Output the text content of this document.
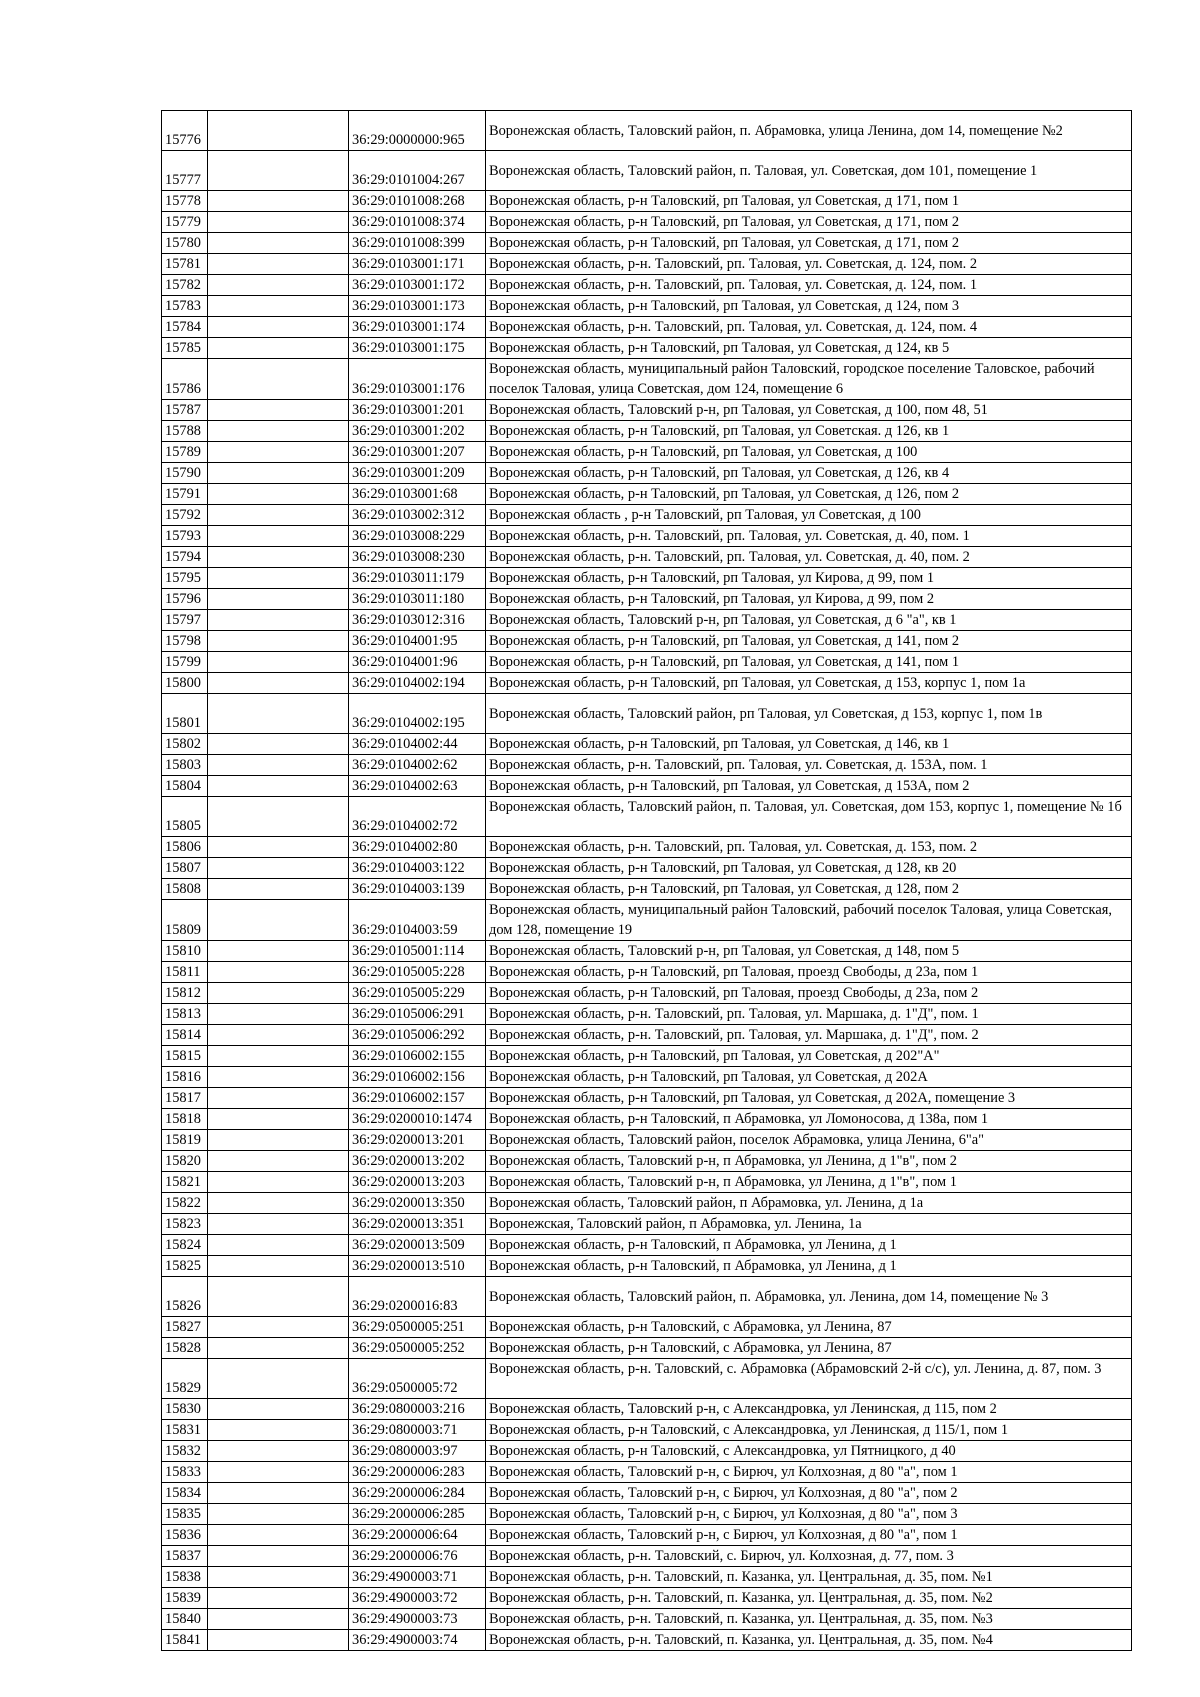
15776		36:29:0000000:965	Воронежская область, Таловский район, п. Абрамовка, улица Ленина, дом 14, помещение №2
15777		36:29:0101004:267	Воронежская область, Таловский район, п. Таловая, ул. Советская, дом 101, помещение 1
15778		36:29:0101008:268	Воронежская область, р-н Таловский, рп Таловая, ул Советская, д 171, пом 1
15779		36:29:0101008:374	Воронежская область, р-н Таловский, рп Таловая, ул Советская, д 171, пом 2
15780		36:29:0101008:399	Воронежская область, р-н Таловский, рп Таловая, ул Советская, д 171, пом 2
15781		36:29:0103001:171	Воронежская область, р-н. Таловский, рп. Таловая, ул. Советская, д. 124, пом. 2
15782		36:29:0103001:172	Воронежская область, р-н. Таловский, рп. Таловая, ул. Советская, д. 124, пом. 1
15783		36:29:0103001:173	Воронежская область, р-н Таловский, рп Таловая, ул Советская, д 124, пом 3
15784		36:29:0103001:174	Воронежская область, р-н. Таловский, рп. Таловая, ул. Советская, д. 124, пом. 4
15785		36:29:0103001:175	Воронежская область, р-н Таловский, рп Таловая, ул Советская, д 124, кв 5
15786		36:29:0103001:176	Воронежская область, муниципальный район Таловский, городское поселение Таловское, рабочий поселок Таловая, улица Советская, дом 124, помещение 6
15787		36:29:0103001:201	Воронежская область, Таловский р-н, рп Таловая, ул Советская, д 100, пом 48, 51
15788		36:29:0103001:202	Воронежская область, р-н Таловский, рп Таловая, ул Советская. д 126, кв 1
15789		36:29:0103001:207	Воронежская область, р-н Таловский, рп Таловая, ул Советская, д 100
15790		36:29:0103001:209	Воронежская область, р-н Таловский, рп Таловая, ул Советская, д 126, кв 4
15791		36:29:0103001:68	Воронежская область, р-н Таловский, рп Таловая, ул Советская, д 126, пом 2
15792		36:29:0103002:312	Воронежская область , р-н Таловский, рп Таловая, ул Советская, д 100
15793		36:29:0103008:229	Воронежская область, р-н. Таловский, рп. Таловая, ул. Советская, д. 40, пом. 1
15794		36:29:0103008:230	Воронежская область, р-н. Таловский, рп. Таловая, ул. Советская, д. 40, пом. 2
15795		36:29:0103011:179	Воронежская область, р-н Таловский, рп Таловая, ул Кирова, д 99, пом 1
15796		36:29:0103011:180	Воронежская область, р-н Таловский, рп Таловая, ул Кирова, д 99, пом 2
15797		36:29:0103012:316	Воронежская область, Таловский р-н, рп Таловая, ул Советская, д 6 "а", кв 1
15798		36:29:0104001:95	Воронежская область, р-н Таловский, рп Таловая, ул Советская, д 141, пом 2
15799		36:29:0104001:96	Воронежская область, р-н Таловский, рп Таловая, ул Советская, д 141, пом 1
15800		36:29:0104002:194	Воронежская область, р-н Таловский, рп Таловая, ул Советская, д 153, корпус 1, пом 1а
15801		36:29:0104002:195	Воронежская область, Таловский район, рп Таловая, ул Советская, д 153, корпус 1, пом 1в
15802		36:29:0104002:44	Воронежская область, р-н Таловский, рп Таловая, ул Советская, д 146, кв 1
15803		36:29:0104002:62	Воронежская область, р-н. Таловский, рп. Таловая, ул. Советская, д. 153А, пом. 1
15804		36:29:0104002:63	Воронежская область, р-н Таловский, рп Таловая, ул Советская, д 153А, пом 2
15805		36:29:0104002:72	Воронежская область, Таловский район, п. Таловая, ул. Советская, дом 153, корпус 1, помещение № 1б
15806		36:29:0104002:80	Воронежская область, р-н. Таловский, рп. Таловая, ул. Советская, д. 153, пом. 2
15807		36:29:0104003:122	Воронежская область, р-н Таловский, рп Таловая, ул Советская, д 128, кв 20
15808		36:29:0104003:139	Воронежская область, р-н Таловский, рп Таловая, ул Советская, д 128, пом 2
15809		36:29:0104003:59	Воронежская область, муниципальный район Таловский, рабочий поселок Таловая, улица Советская, дом 128, помещение 19
15810		36:29:0105001:114	Воронежская область, Таловский р-н, рп Таловая, ул Советская, д 148, пом 5
15811		36:29:0105005:228	Воронежская область, р-н Таловский, рп Таловая, проезд Свободы, д 23а, пом 1
15812		36:29:0105005:229	Воронежская область, р-н Таловский, рп Таловая, проезд Свободы, д 23а, пом 2
15813		36:29:0105006:291	Воронежская область, р-н. Таловский, рп. Таловая, ул. Маршака, д. 1"Д", пом. 1
15814		36:29:0105006:292	Воронежская область, р-н. Таловский, рп. Таловая, ул. Маршака, д. 1"Д", пом. 2
15815		36:29:0106002:155	Воронежская область, р-н Таловский, рп Таловая, ул Советская, д 202"А"
15816		36:29:0106002:156	Воронежская область, р-н Таловский, рп Таловая, ул Советская, д 202А
15817		36:29:0106002:157	Воронежская область, р-н Таловский, рп Таловая, ул Советская, д 202А, помещение 3
15818		36:29:0200010:1474	Воронежская область, р-н Таловский, п Абрамовка, ул Ломоносова, д 138а, пом 1
15819		36:29:0200013:201	Воронежская область, Таловский район, поселок Абрамовка, улица Ленина, 6"а"
15820		36:29:0200013:202	Воронежская область, Таловский р-н, п Абрамовка, ул Ленина, д 1"в", пом 2
15821		36:29:0200013:203	Воронежская область, Таловский р-н, п Абрамовка, ул Ленина, д 1"в", пом 1
15822		36:29:0200013:350	Воронежская область, Таловский район, п Абрамовка, ул. Ленина, д 1а
15823		36:29:0200013:351	Воронежская, Таловский район, п Абрамовка, ул. Ленина, 1а
15824		36:29:0200013:509	Воронежская область, р-н Таловский, п Абрамовка, ул Ленина, д 1
15825		36:29:0200013:510	Воронежская область, р-н Таловский, п Абрамовка, ул Ленина, д 1
15826		36:29:0200016:83	Воронежская область, Таловский район, п. Абрамовка, ул. Ленина, дом 14, помещение № 3
15827		36:29:0500005:251	Воронежская область, р-н Таловский, с Абрамовка, ул Ленина, 87
15828		36:29:0500005:252	Воронежская область, р-н Таловский, с Абрамовка, ул Ленина, 87
15829		36:29:0500005:72	Воронежская область, р-н. Таловский, с. Абрамовка (Абрамовский 2-й с/с), ул. Ленина, д. 87, пом. 3
15830		36:29:0800003:216	Воронежская область, Таловский р-н, с Александровка, ул Ленинская, д 115, пом 2
15831		36:29:0800003:71	Воронежская область, р-н Таловский, с Александровка, ул Ленинская, д 115/1, пом 1
15832		36:29:0800003:97	Воронежская область, р-н Таловский, с Александровка, ул Пятницкого, д 40
15833		36:29:2000006:283	Воронежская область, Таловский р-н, с Бирюч, ул Колхозная, д 80 "а", пом 1
15834		36:29:2000006:284	Воронежская область, Таловский р-н, с Бирюч, ул Колхозная, д 80 "а", пом 2
15835		36:29:2000006:285	Воронежская область, Таловский р-н, с Бирюч, ул Колхозная, д 80 "а", пом 3
15836		36:29:2000006:64	Воронежская область, Таловский р-н, с Бирюч, ул Колхозная, д 80 "а", пом 1
15837		36:29:2000006:76	Воронежская область, р-н. Таловский, с. Бирюч, ул. Колхозная, д. 77, пом. 3
15838		36:29:4900003:71	Воронежская область, р-н. Таловский, п. Казанка, ул. Центральная, д. 35, пом. №1
15839		36:29:4900003:72	Воронежская область, р-н. Таловский, п. Казанка, ул. Центральная, д. 35, пом. №2
15840		36:29:4900003:73	Воронежская область, р-н. Таловский, п. Казанка, ул. Центральная, д. 35, пом. №3
15841		36:29:4900003:74	Воронежская область, р-н. Таловский, п. Казанка, ул. Центральная, д. 35, пом. №4
